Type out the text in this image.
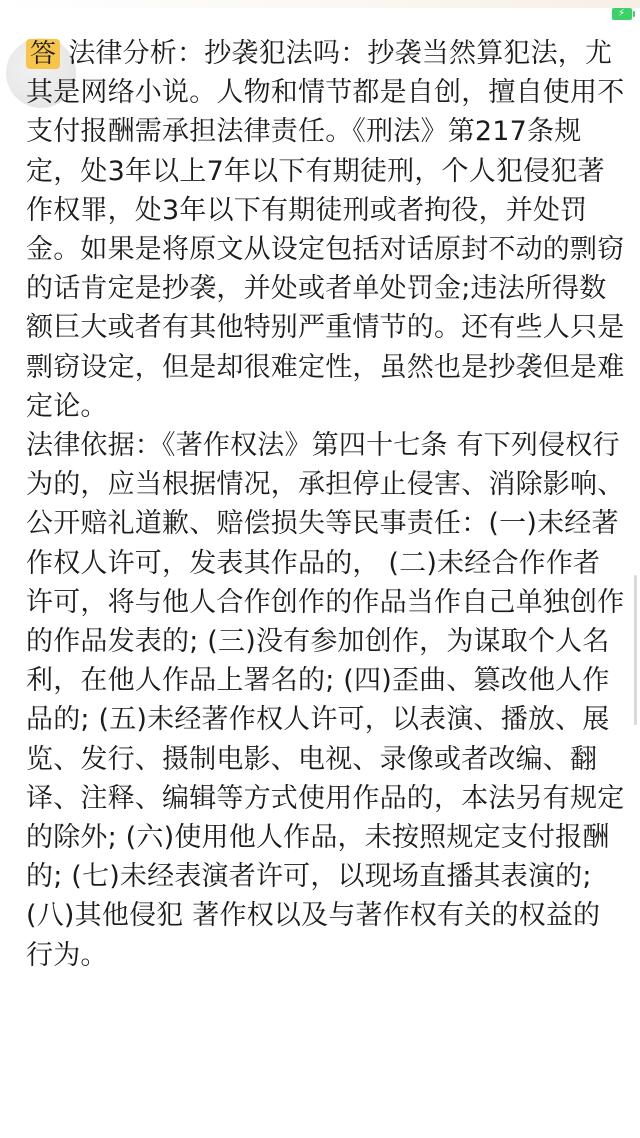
⚡

答 法律分析：抄袭犯法吗：抄袭当然算犯法，尤其是网络小说。人物和情节都是自创，擅自使用不支付报酬需承担法律责任。《刑法》第217条规定，处3年以上7年以下有期徒刑，个人犯侵犯著作权罪，处3年以下有期徒刑或者拘役，并处罚金。如果是将原文从设定包括对话原封不动的剽窃的话肯定是抄袭，并处或者单处罚金;违法所得数额巨大或者有其他特别严重情节的。还有些人只是剽窃设定，但是却很难定性，虽然也是抄袭但是难定论。

法律依据：《著作权法》第四十七条 有下列侵权行为的，应当根据情况，承担停止侵害、消除影响、公开赔礼道歉、赔偿损失等民事责任：(一)未经著作权人许可，发表其作品的， (二)未经合作作者许可，将与他人合作创作的作品当作自己单独创作的作品发表的; (三)没有参加创作，为谋取个人名利，在他人作品上署名的; (四)歪曲、篡改他人作品的; (五)未经著作权人许可，以表演、播放、展览、发行、摄制电影、电视、录像或者改编、翻译、注释、编辑等方式使用作品的，本法另有规定的除外; (六)使用他人作品，未按照规定支付报酬的; (七)未经表演者许可，以现场直播其表演的; (八)其他侵犯 著作权以及与著作权有关的权益的行为。
